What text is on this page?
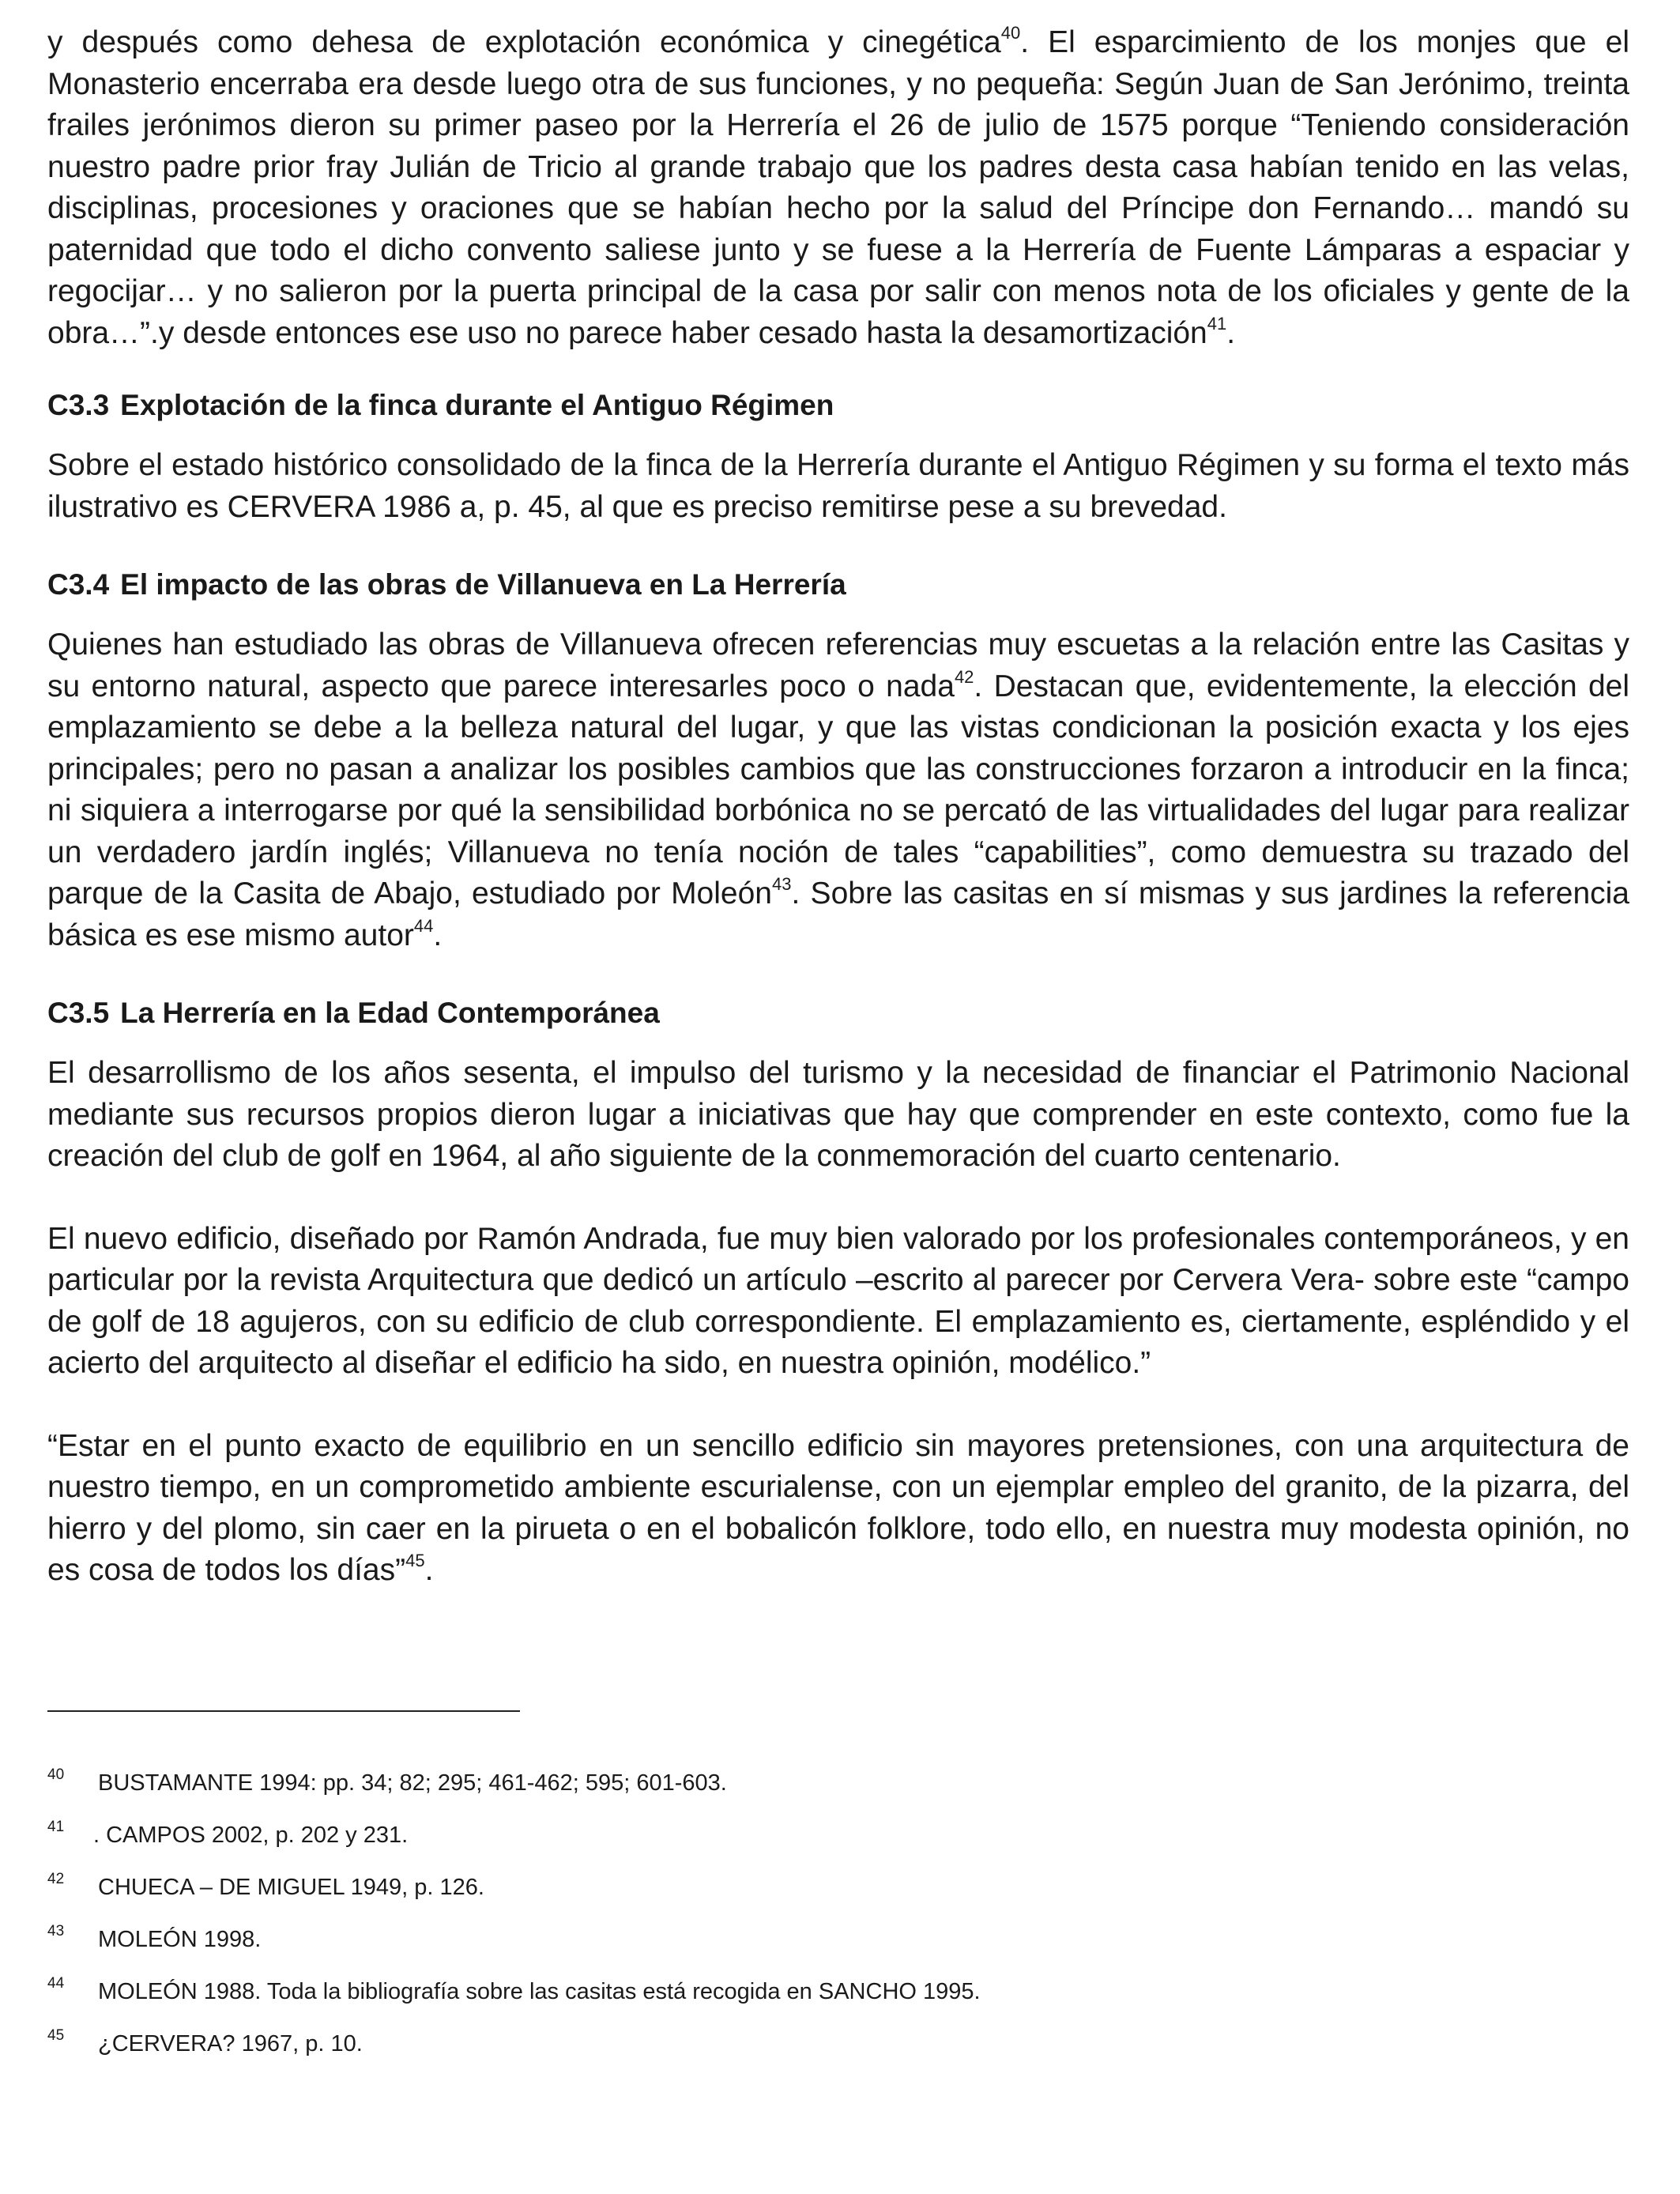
y después como dehesa de explotación económica y cinegética$^{40}$. El esparcimiento de los monjes que el Monasterio encerraba era desde luego otra de sus funciones, y no pequeña: Según Juan de San Jerónimo, treinta frailes jerónimos dieron su primer paseo por la Herrería el 26 de julio de 1575 porque “Teniendo consideración nuestro padre prior fray Julián de Tricio al grande trabajo que los padres desta casa habían tenido en las velas, disciplinas, procesiones y oraciones que se habían hecho por la salud del Príncipe don Fernando… mandó su paternidad que todo el dicho convento saliese junto y se fuese a la Herrería de Fuente Lámparas a espaciar y regocijar… y no salieron por la puerta principal de la casa por salir con menos nota de los oficiales y gente de la obra…”.y desde entonces ese uso no parece haber cesado hasta la desamortización$^{41}$.

C3.3 Explotación de la finca durante el Antiguo Régimen

Sobre el estado histórico consolidado de la finca de la Herrería durante el Antiguo Régimen y su forma el texto más ilustrativo es CERVERA 1986 a, p. 45, al que es preciso remitirse pese a su brevedad.

C3.4 El impacto de las obras de Villanueva en La Herrería

Quienes han estudiado las obras de Villanueva ofrecen referencias muy escuetas a la relación entre las Casitas y su entorno natural, aspecto que parece interesarles poco o nada$^{42}$. Destacan que, evidentemente, la elección del emplazamiento se debe a la belleza natural del lugar, y que las vistas condicionan la posición exacta y los ejes principales; pero no pasan a analizar los posibles cambios que las construcciones forzaron a introducir en la finca; ni siquiera a interrogarse por qué la sensibilidad borbónica no se percató de las virtualidades del lugar para realizar un verdadero jardín inglés; Villanueva no tenía noción de tales “capabilities”, como demuestra su trazado del parque de la Casita de Abajo, estudiado por Moleón$^{43}$. Sobre las casitas en sí mismas y sus jardines la referencia básica es ese mismo autor$^{44}$.

C3.5 La Herrería en la Edad Contemporánea

El desarrollismo de los años sesenta, el impulso del turismo y la necesidad de financiar el Patrimonio Nacional mediante sus recursos propios dieron lugar a iniciativas que hay que comprender en este contexto, como fue la creación del club de golf en 1964, al año siguiente de la conmemoración del cuarto centenario.

El nuevo edificio, diseñado por Ramón Andrada, fue muy bien valorado por los profesionales contemporáneos, y en particular por la revista Arquitectura que dedicó un artículo –escrito al parecer por Cervera Vera- sobre este “campo de golf de 18 agujeros, con su edificio de club correspondiente. El emplazamiento es, ciertamente, espléndido y el acierto del arquitecto al diseñar el edificio ha sido, en nuestra opinión, modélico.”

“Estar en el punto exacto de equilibrio en un sencillo edificio sin mayores pretensiones, con una arquitectura de nuestro tiempo, en un comprometido ambiente escurialense, con un ejemplar empleo del granito, de la pizarra, del hierro y del plomo, sin caer en la pirueta o en el bobalicón folklore, todo ello, en nuestra muy modesta opinión, no es cosa de todos los días”$^{45}$.

40 BUSTAMANTE 1994: pp. 34; 82; 295; 461-462; 595; 601-603.
41 . CAMPOS 2002, p. 202 y 231.
42 CHUECA – DE MIGUEL 1949, p. 126.
43 MOLEÓN 1998.
44 MOLEÓN 1988. Toda la bibliografía sobre las casitas está recogida en SANCHO 1995.
45 ¿CERVERA? 1967, p. 10.
